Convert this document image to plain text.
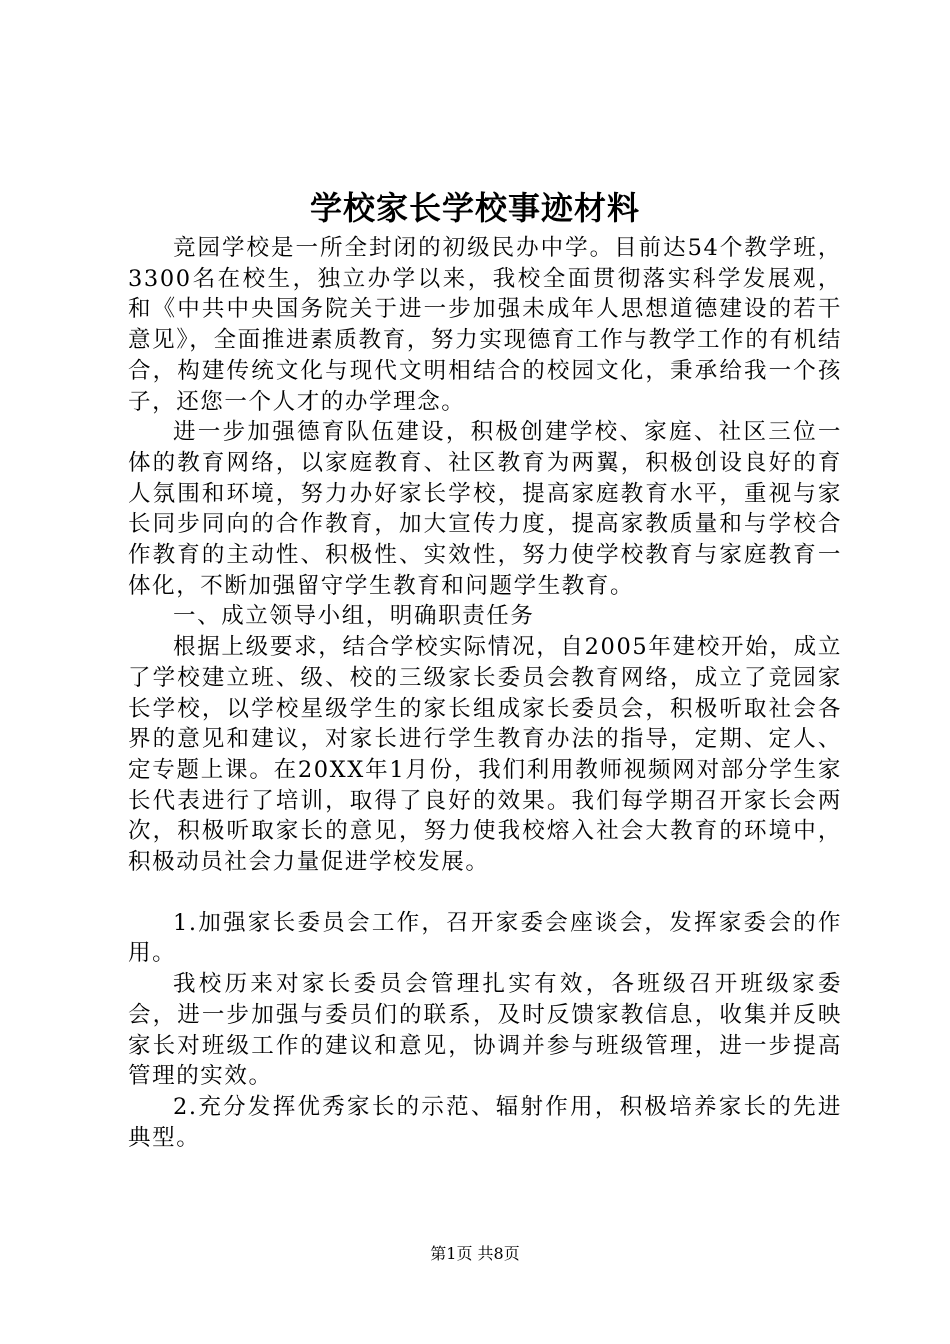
学校家长学校事迹材料

竞园学校是一所全封闭的初级民办中学。目前达54个教学班，3300名在校生，独立办学以来，我校全面贯彻落实科学发展观，和《中共中央国务院关于进一步加强未成年人思想道德建设的若干意见》，全面推进素质教育，努力实现德育工作与教学工作的有机结合，构建传统文化与现代文明相结合的校园文化，秉承给我一个孩子，还您一个人才的办学理念。

进一步加强德育队伍建设，积极创建学校、家庭、社区三位一体的教育网络，以家庭教育、社区教育为两翼，积极创设良好的育人氛围和环境，努力办好家长学校，提高家庭教育水平，重视与家长同步同向的合作教育，加大宣传力度，提高家教质量和与学校合作教育的主动性、积极性、实效性，努力使学校教育与家庭教育一体化，不断加强留守学生教育和问题学生教育。

一、成立领导小组，明确职责任务

根据上级要求，结合学校实际情况，自2005年建校开始，成立了学校建立班、级、校的三级家长委员会教育网络，成立了竞园家长学校，以学校星级学生的家长组成家长委员会，积极听取社会各界的意见和建议，对家长进行学生教育办法的指导，定期、定人、定专题上课。在20XX年1月份，我们利用教师视频网对部分学生家长代表进行了培训，取得了良好的效果。我们每学期召开家长会两次，积极听取家长的意见，努力使我校熔入社会大教育的环境中，积极动员社会力量促进学校发展。

1.加强家长委员会工作，召开家委会座谈会，发挥家委会的作用。

我校历来对家长委员会管理扎实有效，各班级召开班级家委会，进一步加强与委员们的联系，及时反馈家教信息，收集并反映家长对班级工作的建议和意见，协调并参与班级管理，进一步提高管理的实效。

2.充分发挥优秀家长的示范、辐射作用，积极培养家长的先进典型。

第1页 共8页
